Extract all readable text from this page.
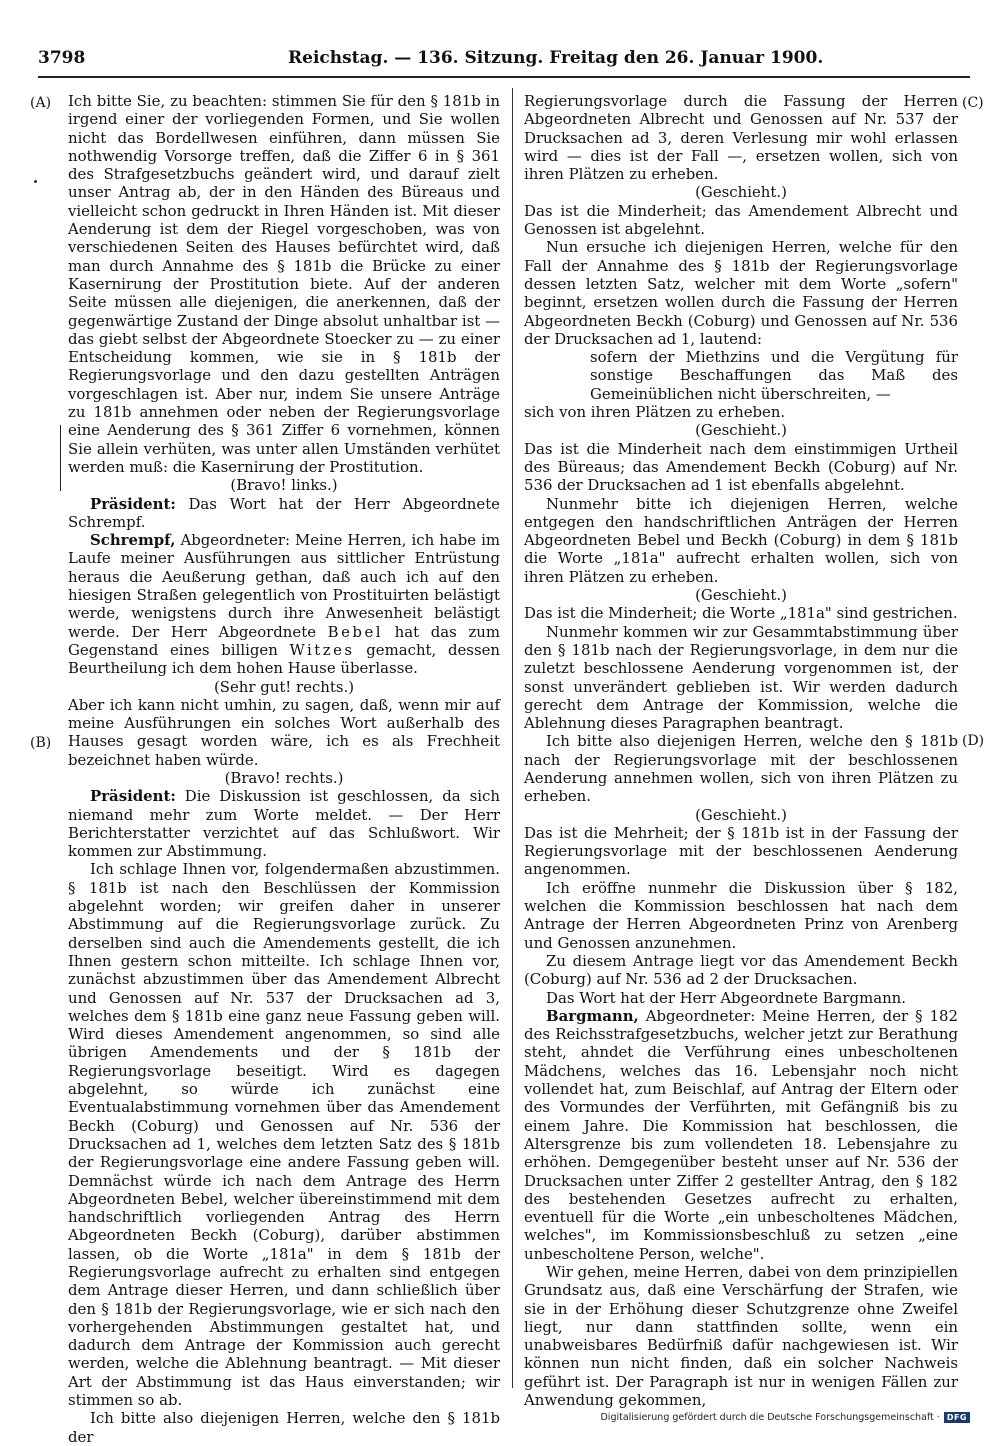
3798	Reichstag. — 136. Sitzung. Freitag den 26. Januar 1900.
(A)
(B)
(C)
(D)

Ich bitte Sie, zu beachten: stimmen Sie für den § 181b in irgend einer der vorliegenden Formen, und Sie wollen nicht das Bordellwesen einführen, dann müssen Sie nothwendig Vorsorge treffen, daß die Ziffer 6 in § 361 des Strafgesetzbuchs geändert wird, und darauf zielt unser Antrag ab, der in den Händen des Büreaus und vielleicht schon gedruckt in Ihren Händen ist. Mit dieser Aenderung ist dem der Riegel vorgeschoben, was von verschiedenen Seiten des Hauses befürchtet wird, daß man durch Annahme des § 181b die Brücke zu einer Kasernirung der Prostitution biete. Auf der anderen Seite müssen alle diejenigen, die anerkennen, daß der gegenwärtige Zustand der Dinge absolut unhaltbar ist — das giebt selbst der Abgeordnete Stoecker zu — zu einer Entscheidung kommen, wie sie in § 181b der Regierungsvorlage und den dazu gestellten Anträgen vorgeschlagen ist. Aber nur, indem Sie unsere Anträge zu 181b annehmen oder neben der Regierungsvorlage eine Aenderung des § 361 Ziffer 6 vornehmen, können Sie allein verhüten, was unter allen Umständen verhütet werden muß: die Kasernirung der Prostitution.

(Bravo! links.)

Präsident: Das Wort hat der Herr Abgeordnete Schrempf.

Schrempf, Abgeordneter: Meine Herren, ich habe im Laufe meiner Ausführungen aus sittlicher Entrüstung heraus die Aeußerung gethan, daß auch ich auf den hiesigen Straßen gelegentlich von Prostituirten belästigt werde, wenigstens durch ihre Anwesenheit belästigt werde. Der Herr Abgeordnete Bebel hat das zum Gegenstand eines billigen Witzes gemacht, dessen Beurtheilung ich dem hohen Hause überlasse.

(Sehr gut! rechts.)

Aber ich kann nicht umhin, zu sagen, daß, wenn mir auf meine Ausführungen ein solches Wort außerhalb des Hauses gesagt worden wäre, ich es als Frechheit bezeichnet haben würde.

(Bravo! rechts.)

Präsident: Die Diskussion ist geschlossen, da sich niemand mehr zum Worte meldet. — Der Herr Berichterstatter verzichtet auf das Schlußwort. Wir kommen zur Abstimmung.

Ich schlage Ihnen vor, folgendermaßen abzustimmen. § 181b ist nach den Beschlüssen der Kommission abgelehnt worden; wir greifen daher in unserer Abstimmung auf die Regierungsvorlage zurück. Zu derselben sind auch die Amendements gestellt, die ich Ihnen gestern schon mitteilte. Ich schlage Ihnen vor, zunächst abzustimmen über das Amendement Albrecht und Genossen auf Nr. 537 der Drucksachen ad 3, welches dem § 181b eine ganz neue Fassung geben will. Wird dieses Amendement angenommen, so sind alle übrigen Amendements und der § 181b der Regierungsvorlage beseitigt. Wird es dagegen abgelehnt, so würde ich zunächst eine Eventualabstimmung vornehmen über das Amendement Beckh (Coburg) und Genossen auf Nr. 536 der Drucksachen ad 1, welches dem letzten Satz des § 181b der Regierungsvorlage eine andere Fassung geben will. Demnächst würde ich nach dem Antrage des Herrn Abgeordneten Bebel, welcher übereinstimmend mit dem handschriftlich vorliegenden Antrag des Herrn Abgeordneten Beckh (Coburg), darüber abstimmen lassen, ob die Worte „181a" in dem § 181b der Regierungsvorlage aufrecht zu erhalten sind entgegen dem Antrage dieser Herren, und dann schließlich über den § 181b der Regierungsvorlage, wie er sich nach den vorhergehenden Abstimmungen gestaltet hat, und dadurch dem Antrage der Kommission auch gerecht werden, welche die Ablehnung beantragt. — Mit dieser Art der Abstimmung ist das Haus einverstanden; wir stimmen so ab.

Ich bitte also diejenigen Herren, welche den § 181b der

Regierungsvorlage durch die Fassung der Herren Abgeordneten Albrecht und Genossen auf Nr. 537 der Drucksachen ad 3, deren Verlesung mir wohl erlassen wird — dies ist der Fall —, ersetzen wollen, sich von ihren Plätzen zu erheben.

(Geschieht.)

Das ist die Minderheit; das Amendement Albrecht und Genossen ist abgelehnt.

Nun ersuche ich diejenigen Herren, welche für den Fall der Annahme des § 181b der Regierungsvorlage dessen letzten Satz, welcher mit dem Worte „sofern" beginnt, ersetzen wollen durch die Fassung der Herren Abgeordneten Beckh (Coburg) und Genossen auf Nr. 536 der Drucksachen ad 1, lautend:

sofern der Miethzins und die Vergütung für sonstige Beschaffungen das Maß des Gemeinüblichen nicht überschreiten, —

sich von ihren Plätzen zu erheben.

(Geschieht.)

Das ist die Minderheit nach dem einstimmigen Urtheil des Büreaus; das Amendement Beckh (Coburg) auf Nr. 536 der Drucksachen ad 1 ist ebenfalls abgelehnt.

Nunmehr bitte ich diejenigen Herren, welche entgegen den handschriftlichen Anträgen der Herren Abgeordneten Bebel und Beckh (Coburg) in dem § 181b die Worte „181a" aufrecht erhalten wollen, sich von ihren Plätzen zu erheben.

(Geschieht.)

Das ist die Minderheit; die Worte „181a" sind gestrichen.

Nunmehr kommen wir zur Gesammtabstimmung über den § 181b nach der Regierungsvorlage, in dem nur die zuletzt beschlossene Aenderung vorgenommen ist, der sonst unverändert geblieben ist. Wir werden dadurch gerecht dem Antrage der Kommission, welche die Ablehnung dieses Paragraphen beantragt.

Ich bitte also diejenigen Herren, welche den § 181b nach der Regierungsvorlage mit der beschlossenen Aenderung annehmen wollen, sich von ihren Plätzen zu erheben.

(Geschieht.)

Das ist die Mehrheit; der § 181b ist in der Fassung der Regierungsvorlage mit der beschlossenen Aenderung angenommen.

Ich eröffne nunmehr die Diskussion über § 182, welchen die Kommission beschlossen hat nach dem Antrage der Herren Abgeordneten Prinz von Arenberg und Genossen anzunehmen.

Zu diesem Antrage liegt vor das Amendement Beckh (Coburg) auf Nr. 536 ad 2 der Drucksachen.

Das Wort hat der Herr Abgeordnete Bargmann.

Bargmann, Abgeordneter: Meine Herren, der § 182 des Reichsstrafgesetzbuchs, welcher jetzt zur Berathung steht, ahndet die Verführung eines unbescholtenen Mädchens, welches das 16. Lebensjahr noch nicht vollendet hat, zum Beischlaf, auf Antrag der Eltern oder des Vormundes der Verführten, mit Gefängniß bis zu einem Jahre. Die Kommission hat beschlossen, die Altersgrenze bis zum vollendeten 18. Lebensjahre zu erhöhen. Demgegenüber besteht unser auf Nr. 536 der Drucksachen unter Ziffer 2 gestellter Antrag, den § 182 des bestehenden Gesetzes aufrecht zu erhalten, eventuell für die Worte „ein unbescholtenes Mädchen, welches", im Kommissionsbeschluß zu setzen „eine unbescholtene Person, welche".

Wir gehen, meine Herren, dabei von dem prinzipiellen Grundsatz aus, daß eine Verschärfung der Strafen, wie sie in der Erhöhung dieser Schutzgrenze ohne Zweifel liegt, nur dann stattfinden sollte, wenn ein unabweisbares Bedürfniß dafür nachgewiesen ist. Wir können nun nicht finden, daß ein solcher Nachweis geführt ist. Der Paragraph ist nur in wenigen Fällen zur Anwendung gekommen,

Digitalisierung gefördert durch die Deutsche Forschungsgemeinschaft · DFG
